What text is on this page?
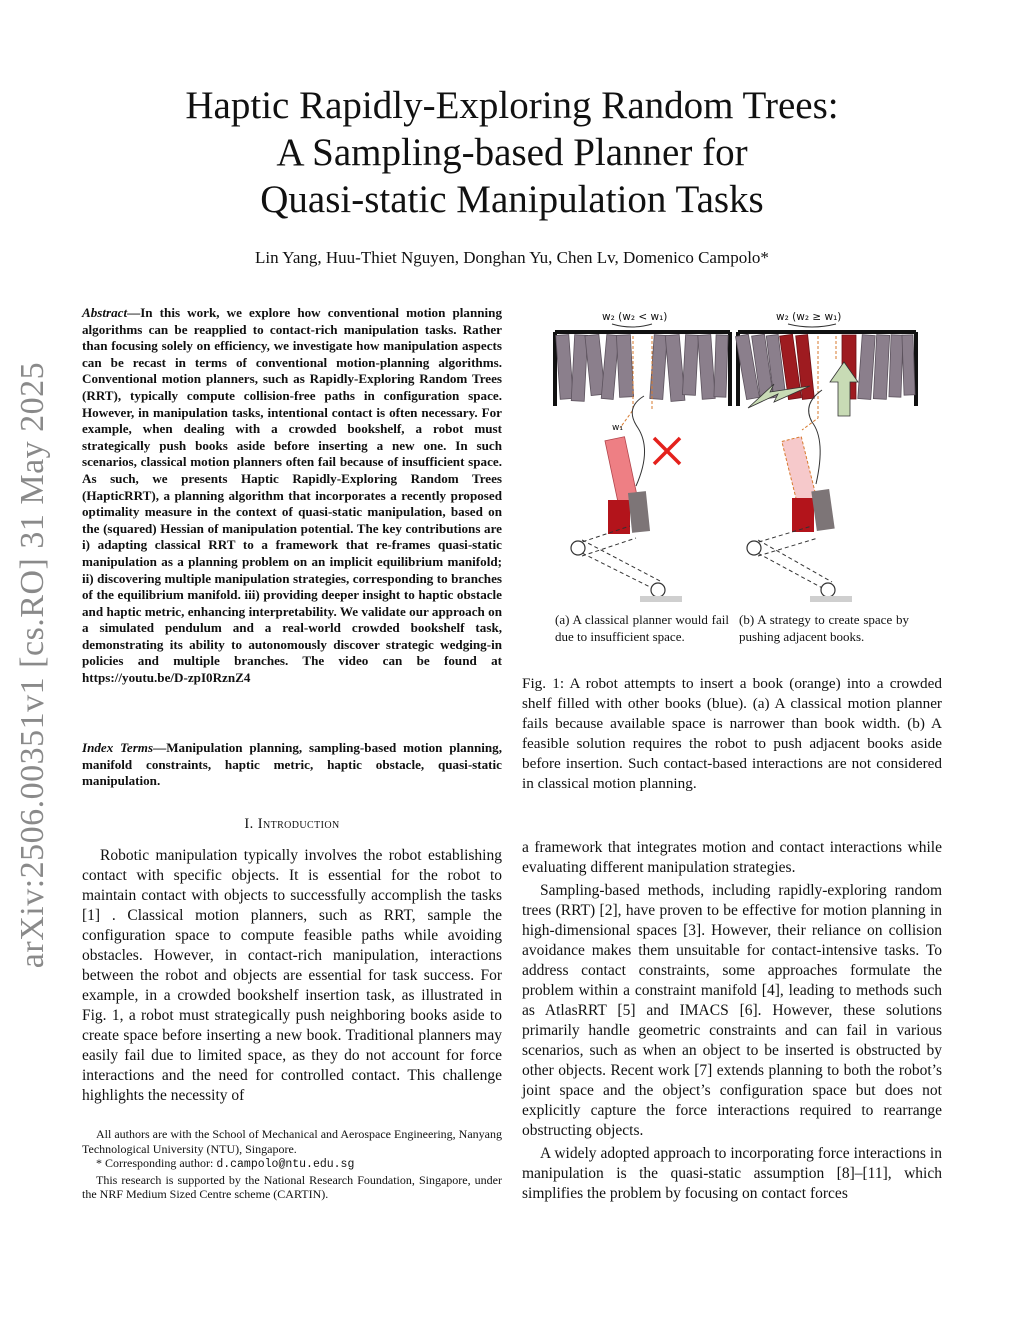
arXiv:2506.00351v1 [cs.RO] 31 May 2025
Haptic Rapidly-Exploring Random Trees:
A Sampling-based Planner for
Quasi-static Manipulation Tasks
Lin Yang, Huu-Thiet Nguyen, Donghan Yu, Chen Lv, Domenico Campolo*
Abstract—In this work, we explore how conventional motion planning algorithms can be reapplied to contact-rich manipulation tasks. Rather than focusing solely on efficiency, we investigate how manipulation aspects can be recast in terms of conventional motion-planning algorithms. Conventional motion planners, such as Rapidly-Exploring Random Trees (RRT), typically compute collision-free paths in configuration space. However, in manipulation tasks, intentional contact is often necessary. For example, when dealing with a crowded bookshelf, a robot must strategically push books aside before inserting a new one. In such scenarios, classical motion planners often fail because of insufficient space. As such, we presents Haptic Rapidly-Exploring Random Trees (HapticRRT), a planning algorithm that incorporates a recently proposed optimality measure in the context of quasi-static manipulation, based on the (squared) Hessian of manipulation potential. The key contributions are i) adapting classical RRT to a framework that re-frames quasi-static manipulation as a planning problem on an implicit equilibrium manifold; ii) discovering multiple manipulation strategies, corresponding to branches of the equilibrium manifold. iii) providing deeper insight to haptic obstacle and haptic metric, enhancing interpretability. We validate our approach on a simulated pendulum and a real-world crowded bookshelf task, demonstrating its ability to autonomously discover strategic wedging-in policies and multiple branches. The video can be found at https://youtu.be/D-zpI0RznZ4
Index Terms—Manipulation planning, sampling-based motion planning, manifold constraints, haptic metric, haptic obstacle, quasi-static manipulation.
I. Introduction

Robotic manipulation typically involves the robot establishing contact with specific objects. It is essential for the robot to maintain contact with objects to successfully accomplish the tasks [1] . Classical motion planners, such as RRT, sample the configuration space to compute feasible paths while avoiding obstacles. However, in contact-rich manipulation, interactions between the robot and objects are essential for task success. For example, in a crowded bookshelf insertion task, as illustrated in Fig. 1, a robot must strategically push neighboring books aside to create space before inserting a new book. Traditional planners may easily fail due to limited space, as they do not account for force interactions and the need for controlled contact. This challenge highlights the necessity of

All authors are with the School of Mechanical and Aerospace Engineering, Nanyang Technological University (NTU), Singapore.

* Corresponding author: d.campolo@ntu.edu.sg

This research is supported by the National Research Foundation, Singapore, under the NRF Medium Sized Centre scheme (CARTIN).

w₂ (w₂ < w₁)
w₁
w₂ (w₂ ≥ w₁)
(a) A classical planner would fail due to insufficient space.
(b) A strategy to create space by pushing adjacent books.
Fig. 1: A robot attempts to insert a book (orange) into a crowded shelf filled with other books (blue). (a) A classical motion planner fails because available space is narrower than book width. (b) A feasible solution requires the robot to push adjacent books aside before insertion. Such contact-based interactions are not considered in classical motion planning.

a framework that integrates motion and contact interactions while evaluating different manipulation strategies.

Sampling-based methods, including rapidly-exploring random trees (RRT) [2], have proven to be effective for motion planning in high-dimensional spaces [3]. However, their reliance on collision avoidance makes them unsuitable for contact-intensive tasks. To address contact constraints, some approaches formulate the problem within a constraint manifold [4], leading to methods such as AtlasRRT [5] and IMACS [6]. However, these solutions primarily handle geometric constraints and can fail in various scenarios, such as when an object to be inserted is obstructed by other objects. Recent work [7] extends planning to both the robot’s joint space and the object’s configuration space but does not explicitly capture the force interactions required to rearrange obstructing objects.

A widely adopted approach to incorporating force interactions in manipulation is the quasi-static assumption [8]–[11], which simplifies the problem by focusing on contact forces
